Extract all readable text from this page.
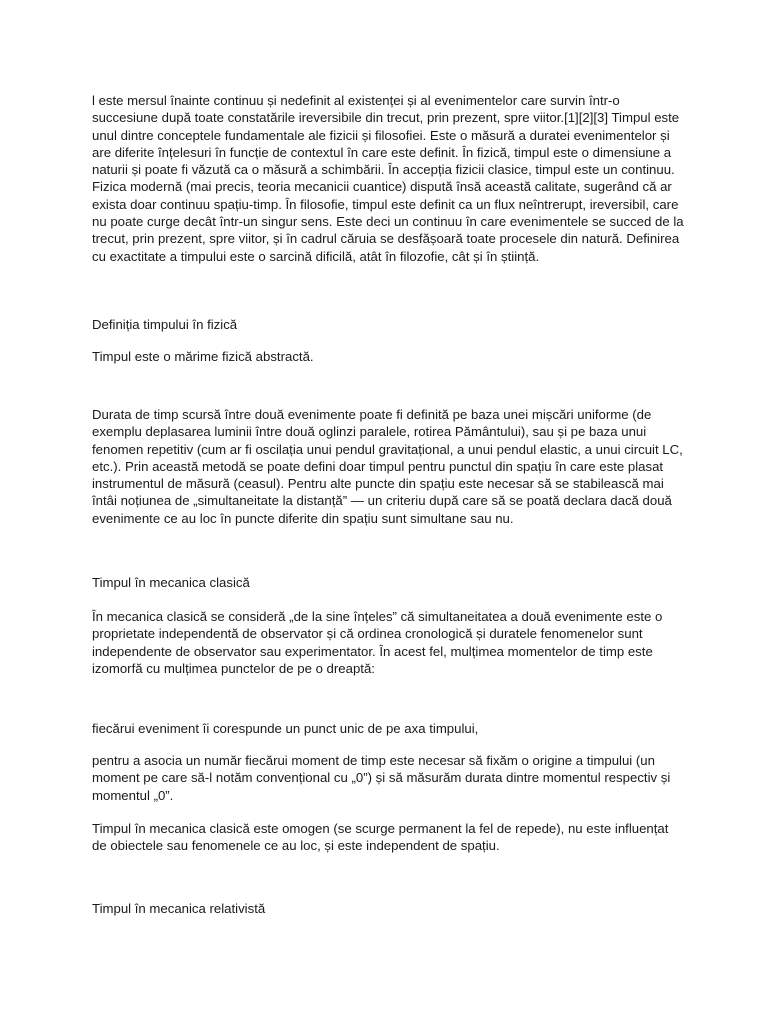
l este mersul înainte continuu și nedefinit al existenței și al evenimentelor care survin într-o succesiune după toate constatările ireversibile din trecut, prin prezent, spre viitor.[1][2][3] Timpul este unul dintre conceptele fundamentale ale fizicii și filosofiei. Este o măsură a duratei evenimentelor și are diferite înțelesuri în funcție de contextul în care este definit. În fizică, timpul este o dimensiune a naturii și poate fi văzută ca o măsură a schimbării. În accepția fizicii clasice, timpul este un continuu. Fizica modernă (mai precis, teoria mecanicii cuantice) dispută însă această calitate, sugerând că ar exista doar continuu spațiu-timp. În filosofie, timpul este definit ca un flux neîntrerupt, ireversibil, care nu poate curge decât într-un singur sens. Este deci un continuu în care evenimentele se succed de la trecut, prin prezent, spre viitor, și în cadrul căruia se desfășoară toate procesele din natură. Definirea cu exactitate a timpului este o sarcină dificilă, atât în filozofie, cât și în știință.

Definiția timpului în fizică

Timpul este o mărime fizică abstractă.

Durata de timp scursă între două evenimente poate fi definită pe baza unei mișcări uniforme (de exemplu deplasarea luminii între două oglinzi paralele, rotirea Pământului), sau și pe baza unui fenomen repetitiv (cum ar fi oscilația unui pendul gravitațional, a unui pendul elastic, a unui circuit LC, etc.). Prin această metodă se poate defini doar timpul pentru punctul din spațiu în care este plasat instrumentul de măsură (ceasul). Pentru alte puncte din spațiu este necesar să se stabilească mai întâi noțiunea de „simultaneitate la distanță” — un criteriu după care să se poată declara dacă două evenimente ce au loc în puncte diferite din spațiu sunt simultane sau nu.

Timpul în mecanica clasică

În mecanica clasică se consideră „de la sine înțeles” că simultaneitatea a două evenimente este o proprietate independentă de observator și că ordinea cronologică și duratele fenomenelor sunt independente de observator sau experimentator. În acest fel, mulțimea momentelor de timp este izomorfă cu mulțimea punctelor de pe o dreaptă:

fiecărui eveniment îi corespunde un punct unic de pe axa timpului,

pentru a asocia un număr fiecărui moment de timp este necesar să fixăm o origine a timpului (un moment pe care să-l notăm convențional cu „0”) și să măsurăm durata dintre momentul respectiv și momentul „0”.

Timpul în mecanica clasică este omogen (se scurge permanent la fel de repede), nu este influențat de obiectele sau fenomenele ce au loc, și este independent de spațiu.

Timpul în mecanica relativistă
